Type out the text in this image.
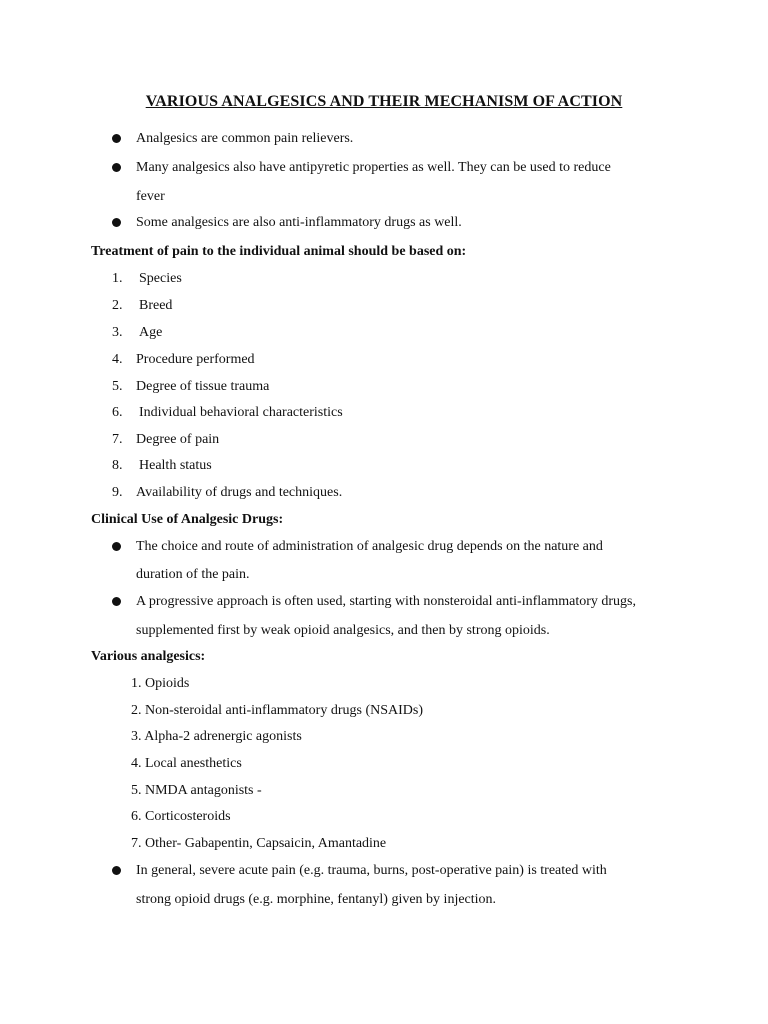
VARIOUS ANALGESICS AND THEIR MECHANISM OF ACTION
Analgesics are common pain relievers.
Many analgesics also have antipyretic properties as well. They can be used to reduce
fever
Some analgesics are also anti-inflammatory drugs as well.
Treatment of pain to the individual animal should be based on:
1.	Species
2.	Breed
3.	Age
4. Procedure performed
5. Degree of tissue trauma
6.	Individual behavioral characteristics
7. Degree of pain
8.	Health status
9. Availability of drugs and techniques.
Clinical Use of Analgesic Drugs:
The choice and route of administration of analgesic drug depends on the nature and
duration of the pain.
A progressive approach is often used, starting with nonsteroidal anti-inflammatory drugs,
supplemented first by weak opioid analgesics, and then by strong opioids.
Various analgesics:
1. Opioids
2. Non-steroidal anti-inflammatory drugs (NSAIDs)
3. Alpha-2 adrenergic agonists
4. Local anesthetics
5. NMDA antagonists -
6. Corticosteroids
7. Other- Gabapentin, Capsaicin, Amantadine
In general, severe acute pain (e.g. trauma, burns, post-operative pain) is treated with
strong opioid drugs (e.g. morphine, fentanyl) given by injection.
